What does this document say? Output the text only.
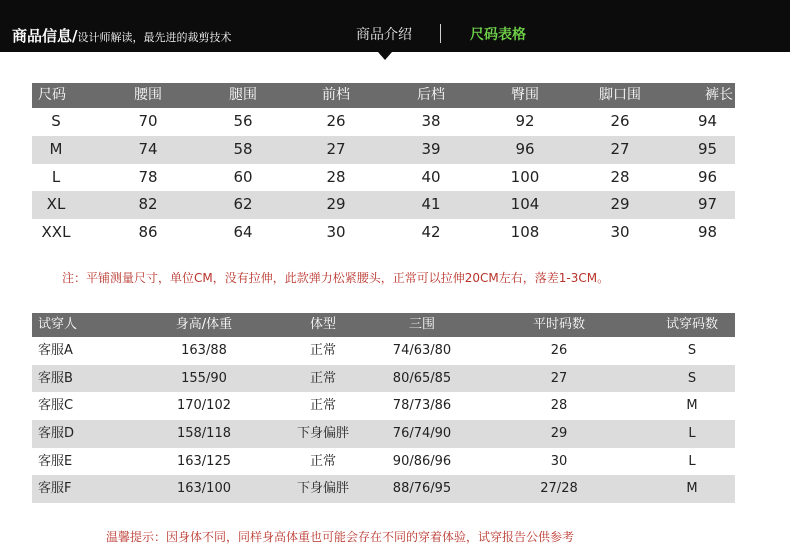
商品信息/设计师解读，最先进的裁剪技术	商品介绍	尺码表格
尺码	腰围	腿围	前档	后档	臀围	脚口围	裤长
S	70	56	26	38	92	26	94
M	74	58	27	39	96	27	95
L	78	60	28	40	100	28	96
XL	82	62	29	41	104	29	97
XXL	86	64	30	42	108	30	98
注：平铺测量尺寸，单位CM，没有拉伸，此款弹力松紧腰头，正常可以拉伸20CM左右，落差1-3CM。
试穿人	身高/体重	体型	三围	平时码数	试穿码数
客服A	163/88	正常	74/63/80	26	S
客服B	155/90	正常	80/65/85	27	S
客服C	170/102	正常	78/73/86	28	M
客服D	158/118	下身偏胖	76/74/90	29	L
客服E	163/125	正常	90/86/96	30	L
客服F	163/100	下身偏胖	88/76/95	27/28	M
温馨提示：因身体不同，同样身高体重也可能会存在不同的穿着体验，试穿报告公供参考
